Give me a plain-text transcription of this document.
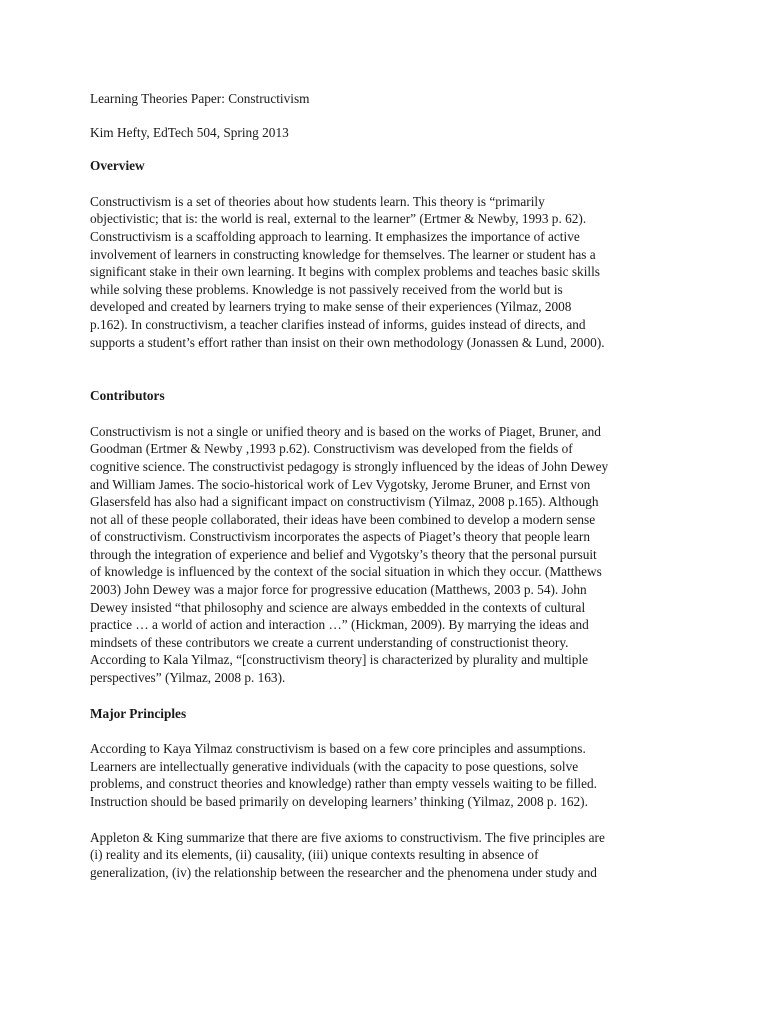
Learning Theories Paper: Constructivism
Kim Hefty, EdTech 504, Spring 2013
Overview
Constructivism is a set of theories about how students learn. This theory is “primarily
objectivistic; that is: the world is real, external to the learner” (Ertmer & Newby, 1993 p. 62).
Constructivism is a scaffolding approach to learning. It emphasizes the importance of active
involvement of learners in constructing knowledge for themselves. The learner or student has a
significant stake in their own learning. It begins with complex problems and teaches basic skills
while solving these problems. Knowledge is not passively received from the world but is
developed and created by learners trying to make sense of their experiences (Yilmaz, 2008
p.162). In constructivism, a teacher clarifies instead of informs, guides instead of directs, and
supports a student’s effort rather than insist on their own methodology (Jonassen & Lund, 2000).
Contributors
Constructivism is not a single or unified theory and is based on the works of Piaget, Bruner, and
Goodman (Ertmer & Newby ,1993 p.62). Constructivism was developed from the fields of
cognitive science. The constructivist pedagogy is strongly influenced by the ideas of John Dewey
and William James. The socio-historical work of Lev Vygotsky, Jerome Bruner, and Ernst von
Glasersfeld has also had a significant impact on constructivism (Yilmaz, 2008 p.165). Although
not all of these people collaborated, their ideas have been combined to develop a modern sense
of constructivism. Constructivism incorporates the aspects of Piaget’s theory that people learn
through the integration of experience and belief and Vygotsky’s theory that the personal pursuit
of knowledge is influenced by the context of the social situation in which they occur. (Matthews
2003) John Dewey was a major force for progressive education (Matthews, 2003 p. 54). John
Dewey insisted “that philosophy and science are always embedded in the contexts of cultural
practice … a world of action and interaction …” (Hickman, 2009). By marrying the ideas and
mindsets of these contributors we create a current understanding of constructionist theory.
According to Kala Yilmaz, “[constructivism theory] is characterized by plurality and multiple
perspectives” (Yilmaz, 2008 p. 163).
Major Principles
According to Kaya Yilmaz constructivism is based on a few core principles and assumptions.
Learners are intellectually generative individuals (with the capacity to pose questions, solve
problems, and construct theories and knowledge) rather than empty vessels waiting to be filled.
Instruction should be based primarily on developing learners’ thinking (Yilmaz, 2008 p. 162).
Appleton & King summarize that there are five axioms to constructivism. The five principles are
(i) reality and its elements, (ii) causality, (iii) unique contexts resulting in absence of
generalization, (iv) the relationship between the researcher and the phenomena under study and
